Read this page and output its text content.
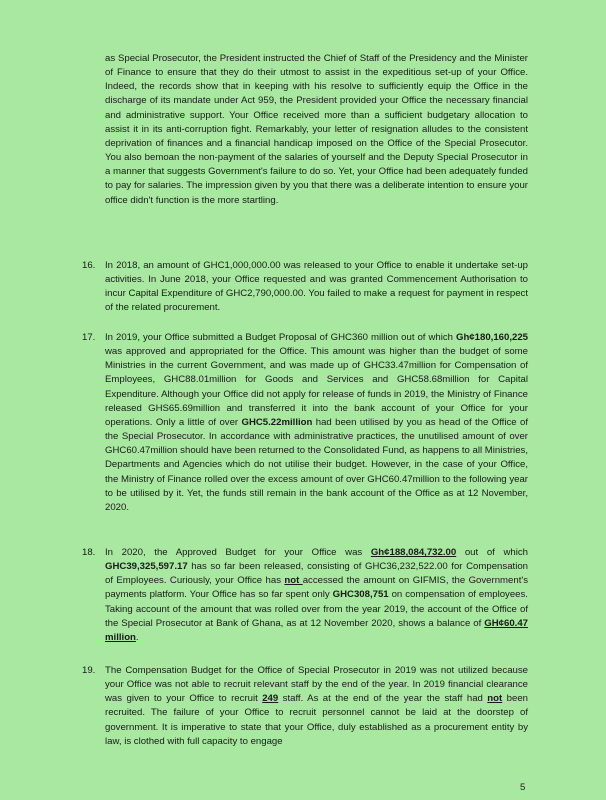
as Special Prosecutor, the President instructed the Chief of Staff of the Presidency and the Minister of Finance to ensure that they do their utmost to assist in the expeditious set-up of your Office. Indeed, the records show that in keeping with his resolve to sufficiently equip the Office in the discharge of its mandate under Act 959, the President provided your Office the necessary financial and administrative support. Your Office received more than a sufficient budgetary allocation to assist it in its anti-corruption fight. Remarkably, your letter of resignation alludes to the consistent deprivation of finances and a financial handicap imposed on the Office of the Special Prosecutor. You also bemoan the non-payment of the salaries of yourself and the Deputy Special Prosecutor in a manner that suggests Government's failure to do so. Yet, your Office had been adequately funded to pay for salaries. The impression given by you that there was a deliberate intention to ensure your office didn't function is the more startling.

16.	In 2018, an amount of GHC1,000,000.00 was released to your Office to enable it undertake set-up activities. In June 2018, your Office requested and was granted Commencement Authorisation to incur Capital Expenditure of GHC2,790,000.00. You failed to make a request for payment in respect of the related procurement.
17.	In 2019, your Office submitted a Budget Proposal of GHC360 million out of which Gh¢180,160,225 was approved and appropriated for the Office. This amount was higher than the budget of some Ministries in the current Government, and was made up of GHC33.47million for Compensation of Employees, GHC88.01million for Goods and Services and GHC58.68million for Capital Expenditure. Although your Office did not apply for release of funds in 2019, the Ministry of Finance released GHS65.69million and transferred it into the bank account of your Office for your operations. Only a little of over GHC5.22million had been utilised by you as head of the Office of the Special Prosecutor. In accordance with administrative practices, the unutilised amount of over GHC60.47million should have been returned to the Consolidated Fund, as happens to all Ministries, Departments and Agencies which do not utilise their budget. However, in the case of your Office, the Ministry of Finance rolled over the excess amount of over GHC60.47million to the following year to be utilised by it. Yet, the funds still remain in the bank account of the Office as at 12 November, 2020.
18.	In 2020, the Approved Budget for your Office was Gh¢188,084,732.00 out of which GHC39,325,597.17 has so far been released, consisting of GHC36,232,522.00 for Compensation of Employees. Curiously, your Office has not accessed the amount on GIFMIS, the Government's payments platform. Your Office has so far spent only GHC308,751 on compensation of employees. Taking account of the amount that was rolled over from the year 2019, the account of the Office of the Special Prosecutor at Bank of Ghana, as at 12 November 2020, shows a balance of GH¢60.47 million.
19.	The Compensation Budget for the Office of Special Prosecutor in 2019 was not utilized because your Office was not able to recruit relevant staff by the end of the year. In 2019 financial clearance was given to your Office to recruit 249 staff. As at the end of the year the staff had not been recruited. The failure of your Office to recruit personnel cannot be laid at the doorstep of government. It is imperative to state that your Office, duly established as a procurement entity by law, is clothed with full capacity to engage
5
